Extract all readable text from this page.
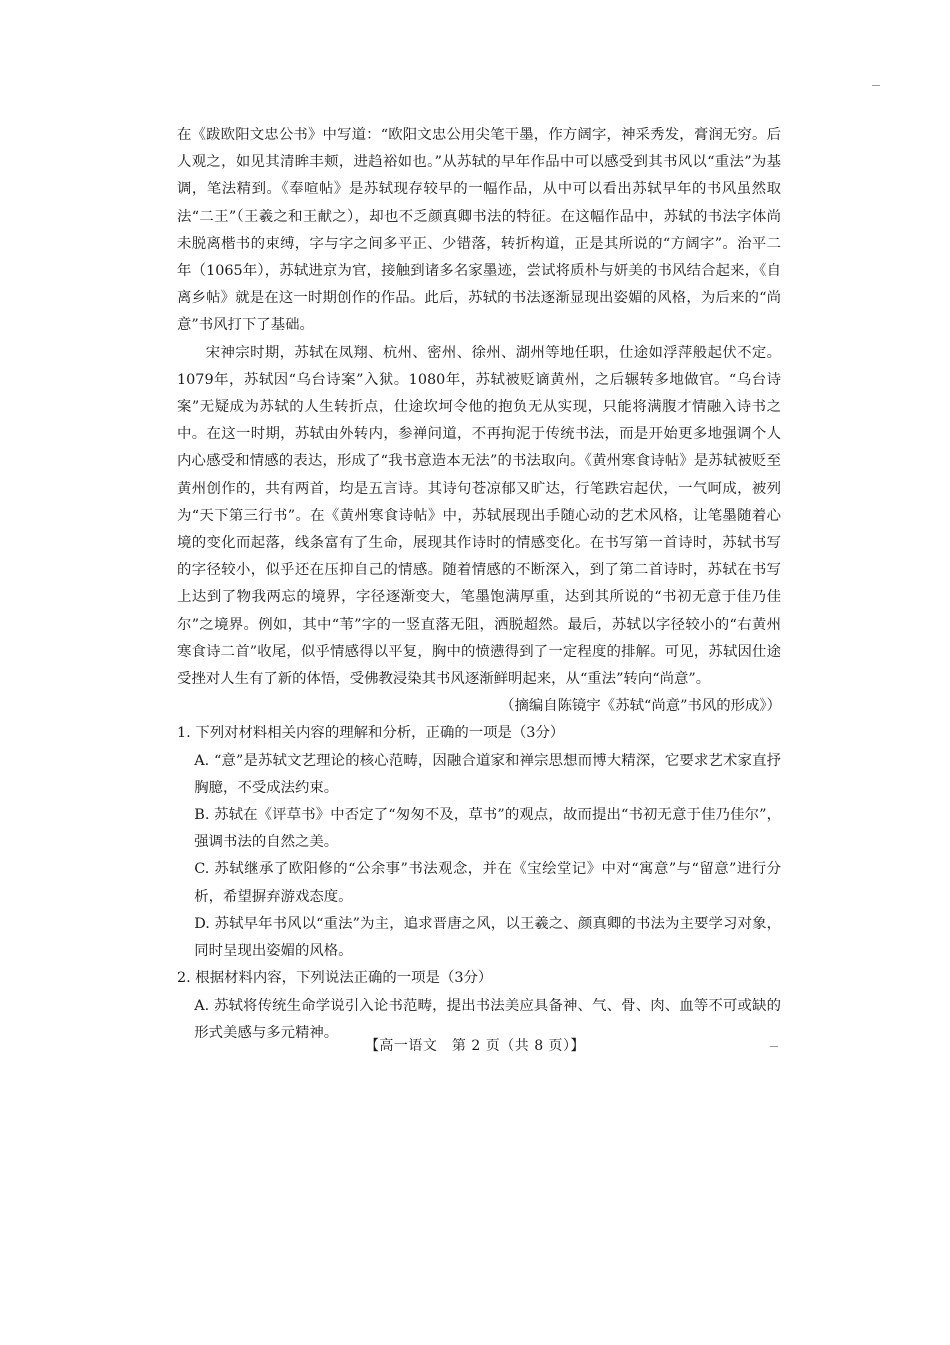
在《跋欧阳文忠公书》中写道：“欧阳文忠公用尖笔干墨，作方阔字，神采秀发，膏润无穷。后人观之，如见其清眸丰颊，进趋裕如也。”从苏轼的早年作品中可以感受到其书风以“重法”为基调，笔法精到。《奉喧帖》是苏轼现存较早的一幅作品，从中可以看出苏轼早年的书风虽然取法“二王”（王羲之和王献之），却也不乏颜真卿书法的特征。在这幅作品中，苏轼的书法字体尚未脱离楷书的束缚，字与字之间多平正、少错落，转折构道，正是其所说的“方阔字”。治平二年（1065年），苏轼进京为官，接触到诸多名家墨迹，尝试将质朴与妍美的书风结合起来，《自离乡帖》就是在这一时期创作的作品。此后，苏轼的书法逐渐显现出姿媚的风格，为后来的“尚意”书风打下了基础。

宋神宗时期，苏轼在凤翔、杭州、密州、徐州、湖州等地任职，仕途如浮萍般起伏不定。1079年，苏轼因“乌台诗案”入狱。1080年，苏轼被贬谪黄州，之后辗转多地做官。“乌台诗案”无疑成为苏轼的人生转折点，仕途坎坷令他的抱负无从实现，只能将满腹才情融入诗书之中。在这一时期，苏轼由外转内，参禅问道，不再拘泥于传统书法，而是开始更多地强调个人内心感受和情感的表达，形成了“我书意造本无法”的书法取向。《黄州寒食诗帖》是苏轼被贬至黄州创作的，共有两首，均是五言诗。其诗句苍凉郁又旷达，行笔跌宕起伏，一气呵成，被列为“天下第三行书”。在《黄州寒食诗帖》中，苏轼展现出手随心动的艺术风格，让笔墨随着心境的变化而起落，线条富有了生命，展现其作诗时的情感变化。在书写第一首诗时，苏轼书写的字径较小，似乎还在压抑自己的情感。随着情感的不断深入，到了第二首诗时，苏轼在书写上达到了物我两忘的境界，字径逐渐变大，笔墨饱满厚重，达到其所说的“书初无意于佳乃佳尔”之境界。例如，其中“苇”字的一竖直落无阻，洒脱超然。最后，苏轼以字径较小的“右黄州寒食诗二首”收尾，似乎情感得以平复，胸中的愤懑得到了一定程度的排解。可见，苏轼因仕途受挫对人生有了新的体悟，受佛教浸染其书风逐渐鲜明起来，从“重法”转向“尚意”。

（摘编自陈镜宇《苏轼“尚意”书风的形成》）

1. 下列对材料相关内容的理解和分析，正确的一项是（3分）

A. “意”是苏轼文艺理论的核心范畴，因融合道家和禅宗思想而博大精深，它要求艺术家直抒胸臆，不受成法约束。

B. 苏轼在《评草书》中否定了“匆匆不及，草书”的观点，故而提出“书初无意于佳乃佳尔”，强调书法的自然之美。

C. 苏轼继承了欧阳修的“公余事”书法观念，并在《宝绘堂记》中对“寓意”与“留意”进行分析，希望摒弃游戏态度。

D. 苏轼早年书风以“重法”为主，追求晋唐之风，以王羲之、颜真卿的书法为主要学习对象，同时呈现出姿媚的风格。

2. 根据材料内容，下列说法正确的一项是（3分）

A. 苏轼将传统生命学说引入论书范畴，提出书法美应具备神、气、骨、肉、血等不可或缺的形式美感与多元精神。

【高一语文　第 2 页（共 8 页）】
